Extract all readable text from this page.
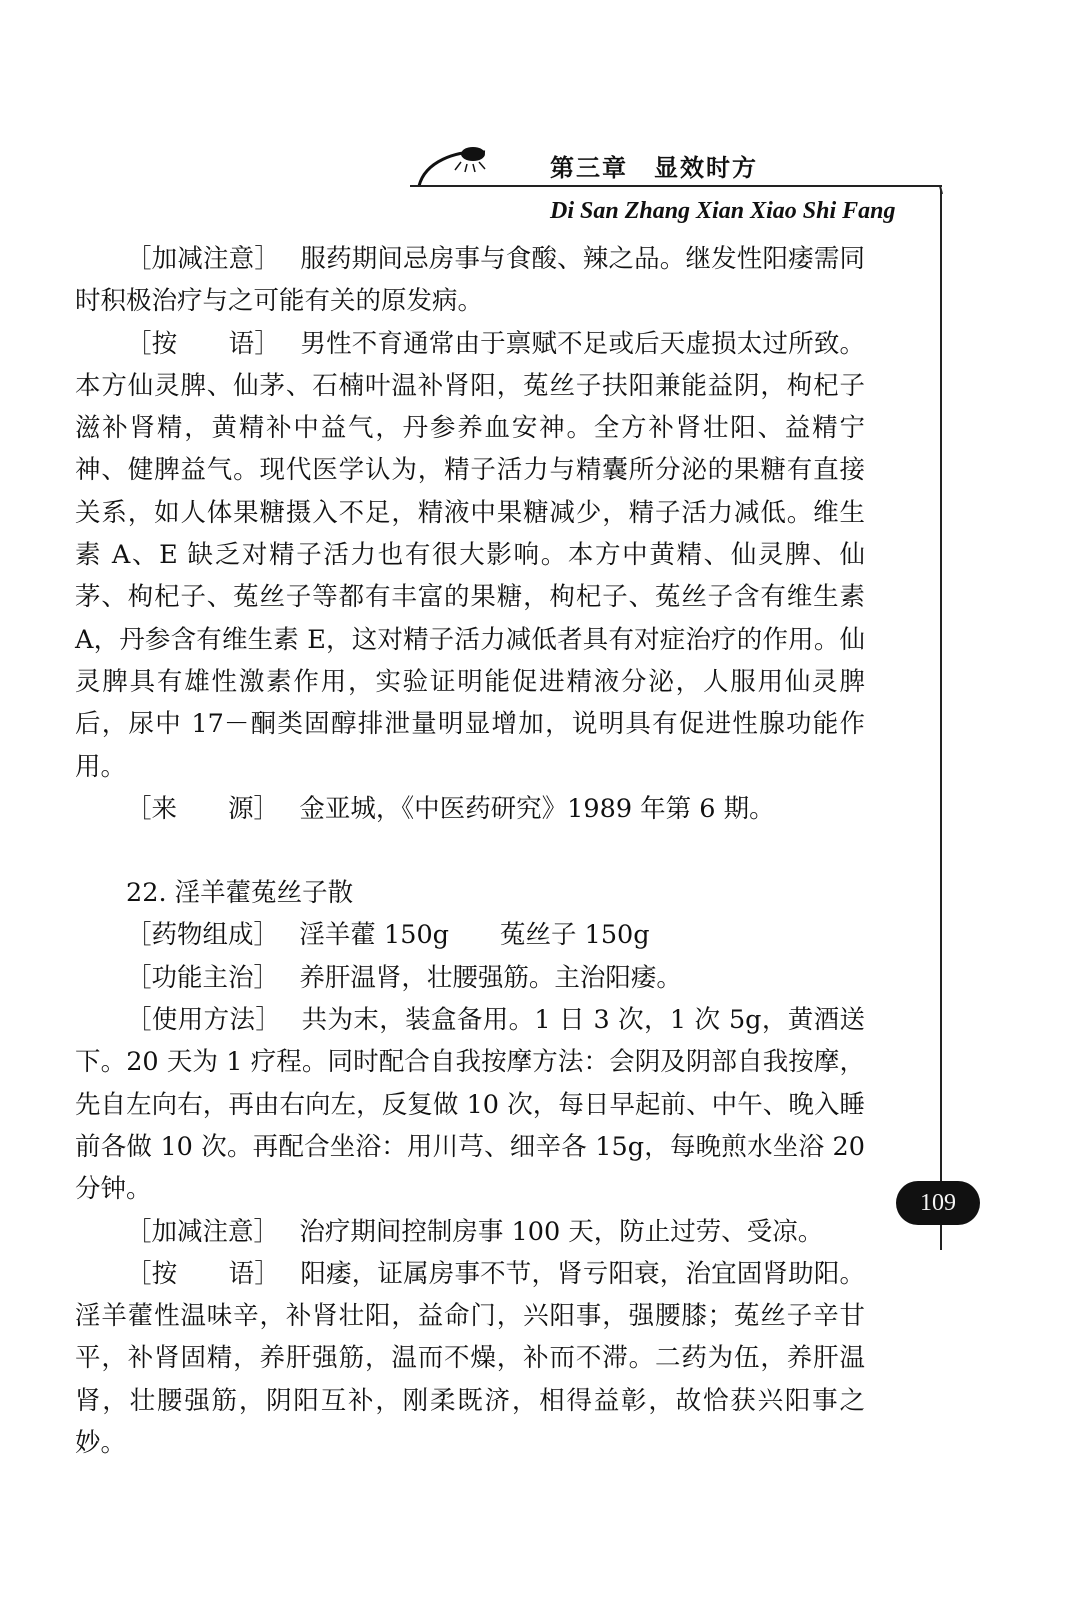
第三章　显效时方
Di San Zhang Xian Xiao Shi Fang
109

［加减注意］ 服药期间忌房事与食酸、辣之品。继发性阳痿需同时积极治疗与之可能有关的原发病。

［按　　语］ 男性不育通常由于禀赋不足或后天虚损太过所致。本方仙灵脾、仙茅、石楠叶温补肾阳，菟丝子扶阳兼能益阴，枸杞子滋补肾精，黄精补中益气，丹参养血安神。全方补肾壮阳、益精宁神、健脾益气。现代医学认为，精子活力与精囊所分泌的果糖有直接关系，如人体果糖摄入不足，精液中果糖减少，精子活力减低。维生素 A、E 缺乏对精子活力也有很大影响。本方中黄精、仙灵脾、仙茅、枸杞子、菟丝子等都有丰富的果糖，枸杞子、菟丝子含有维生素 A，丹参含有维生素 E，这对精子活力减低者具有对症治疗的作用。仙灵脾具有雄性激素作用，实验证明能促进精液分泌，人服用仙灵脾后，尿中 17－酮类固醇排泄量明显增加，说明具有促进性腺功能作用。

［来　　源］ 金亚城，《中医药研究》1989 年第 6 期。

22. 淫羊藿菟丝子散

［药物组成］ 淫羊藿 150g　　菟丝子 150g

［功能主治］ 养肝温肾，壮腰强筋。主治阳痿。

［使用方法］ 共为末，装盒备用。1 日 3 次，1 次 5g，黄酒送下。20 天为 1 疗程。同时配合自我按摩方法：会阴及阴部自我按摩，先自左向右，再由右向左，反复做 10 次，每日早起前、中午、晚入睡前各做 10 次。再配合坐浴：用川芎、细辛各 15g，每晚煎水坐浴 20 分钟。

［加减注意］ 治疗期间控制房事 100 天，防止过劳、受凉。

［按　　语］ 阳痿，证属房事不节，肾亏阳衰，治宜固肾助阳。淫羊藿性温味辛，补肾壮阳，益命门，兴阳事，强腰膝；菟丝子辛甘平，补肾固精，养肝强筋，温而不燥，补而不滞。二药为伍，养肝温肾，壮腰强筋，阴阳互补，刚柔既济，相得益彰，故恰获兴阳事之妙。
